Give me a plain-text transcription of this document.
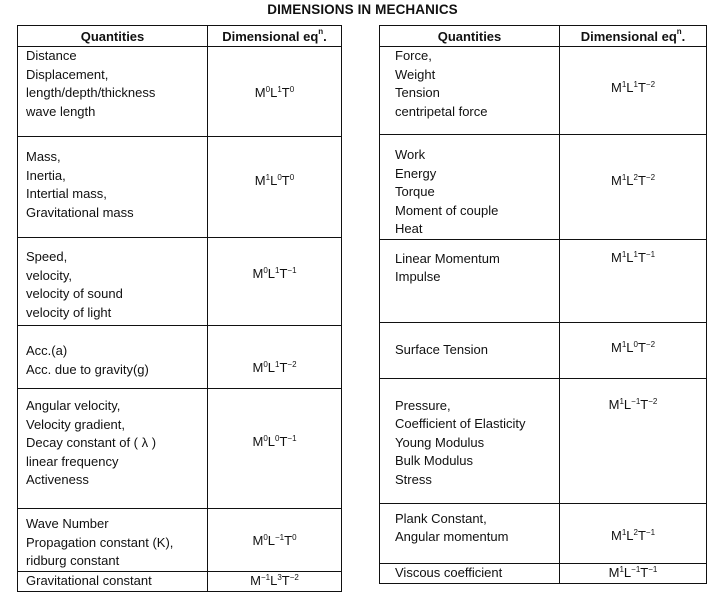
DIMENSIONS IN MECHANICS
Quantities	Dimensional $eq^n$.

Distance
Displacement,
length/depth/thickness
wave length	$M^0L^1T^0$

Mass,
Inertia,
Intertial mass,
Gravitational mass	$M^1L^0T^0$

Speed,
velocity,
velocity of sound
velocity of light	$M^0L^1T^{-1}$

Acc.(a)
Acc. due to gravity(g)	$M^0L^1T^{-2}$

Angular velocity,
Velocity gradient,
Decay constant of ( λ )
linear frequency
Activeness	$M^0L^0T^{-1}$

Wave Number
Propagation constant (K),
ridburg constant	$M^0L^{-1}T^0$

Gravitational constant	$M^{-1}L^3T^{-2}$
Quantities	Dimensional $eq^n$.

Force,
Weight
Tension
centripetal force	$M^1L^1T^{-2}$

Work
Energy
Torque
Moment of couple
Heat	$M^1L^2T^{-2}$

Linear Momentum
Impulse	$M^1L^1T^{-1}$

Surface Tension	$M^1L^0T^{-2}$

Pressure,
Coefficient of Elasticity
Young Modulus
Bulk Modulus
Stress	$M^1L^{-1}T^{-2}$

Plank Constant,
Angular momentum	$M^1L^2T^{-1}$

Viscous coefficient	$M^1L^{-1}T^{-1}$
